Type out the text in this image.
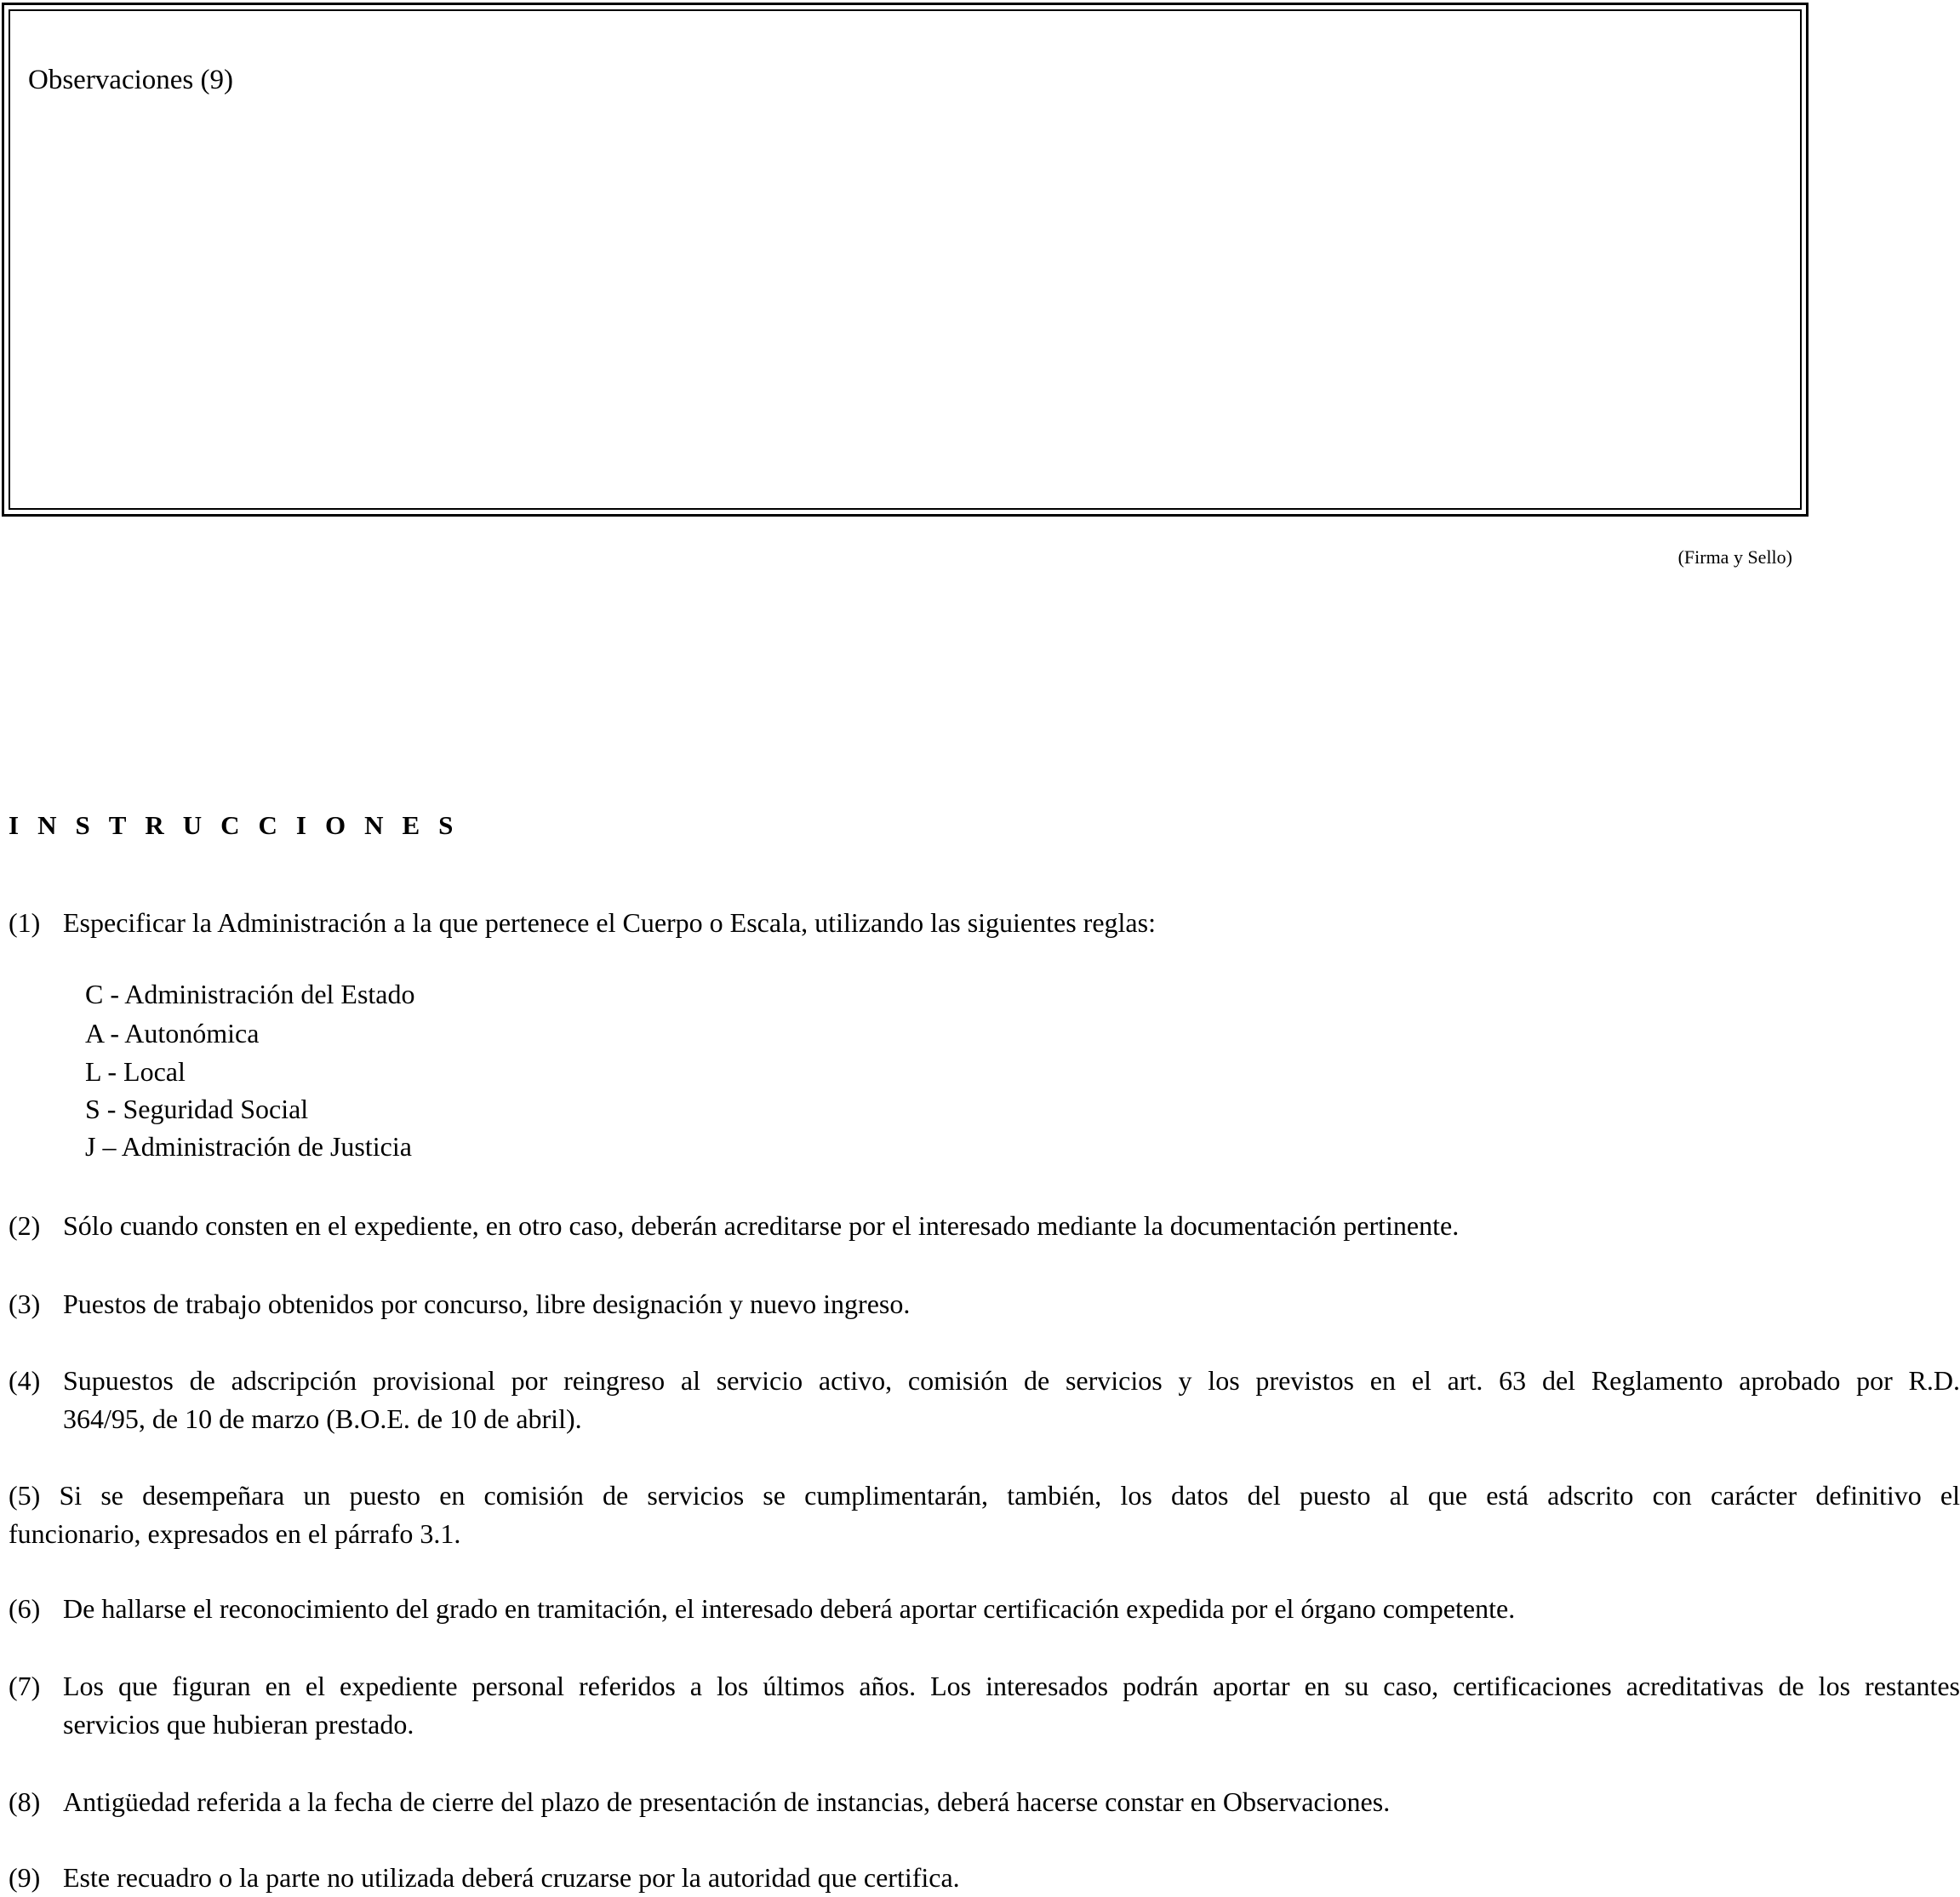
Observaciones (9)
(Firma y Sello)
INSTRUCCIONES
(1) Especificar la Administración a la que pertenece el Cuerpo o Escala, utilizando las siguientes reglas:
C - Administración del Estado
A - Autonómica
L - Local
S - Seguridad Social
J – Administración de Justicia
(2) Sólo cuando consten en el expediente, en otro caso, deberán acreditarse por el interesado mediante la documentación pertinente.
(3) Puestos de trabajo obtenidos por concurso, libre designación y nuevo ingreso.
(4) Supuestos de adscripción provisional por reingreso al servicio activo, comisión de servicios y los previstos en el art. 63 del Reglamento aprobado por R.D.
364/95, de 10 de marzo (B.O.E. de 10 de abril).
(5) Si se desempeñara un puesto en comisión de servicios se cumplimentarán, también, los datos del puesto al que está adscrito con carácter definitivo el
funcionario, expresados en el párrafo 3.1.
(6) De hallarse el reconocimiento del grado en tramitación, el interesado deberá aportar certificación expedida por el órgano competente.
(7) Los que figuran en el expediente personal referidos a los últimos años. Los interesados podrán aportar en su caso, certificaciones acreditativas de los restantes
servicios que hubieran prestado.
(8) Antigüedad referida a la fecha de cierre del plazo de presentación de instancias, deberá hacerse constar en Observaciones.
(9) Este recuadro o la parte no utilizada deberá cruzarse por la autoridad que certifica.
